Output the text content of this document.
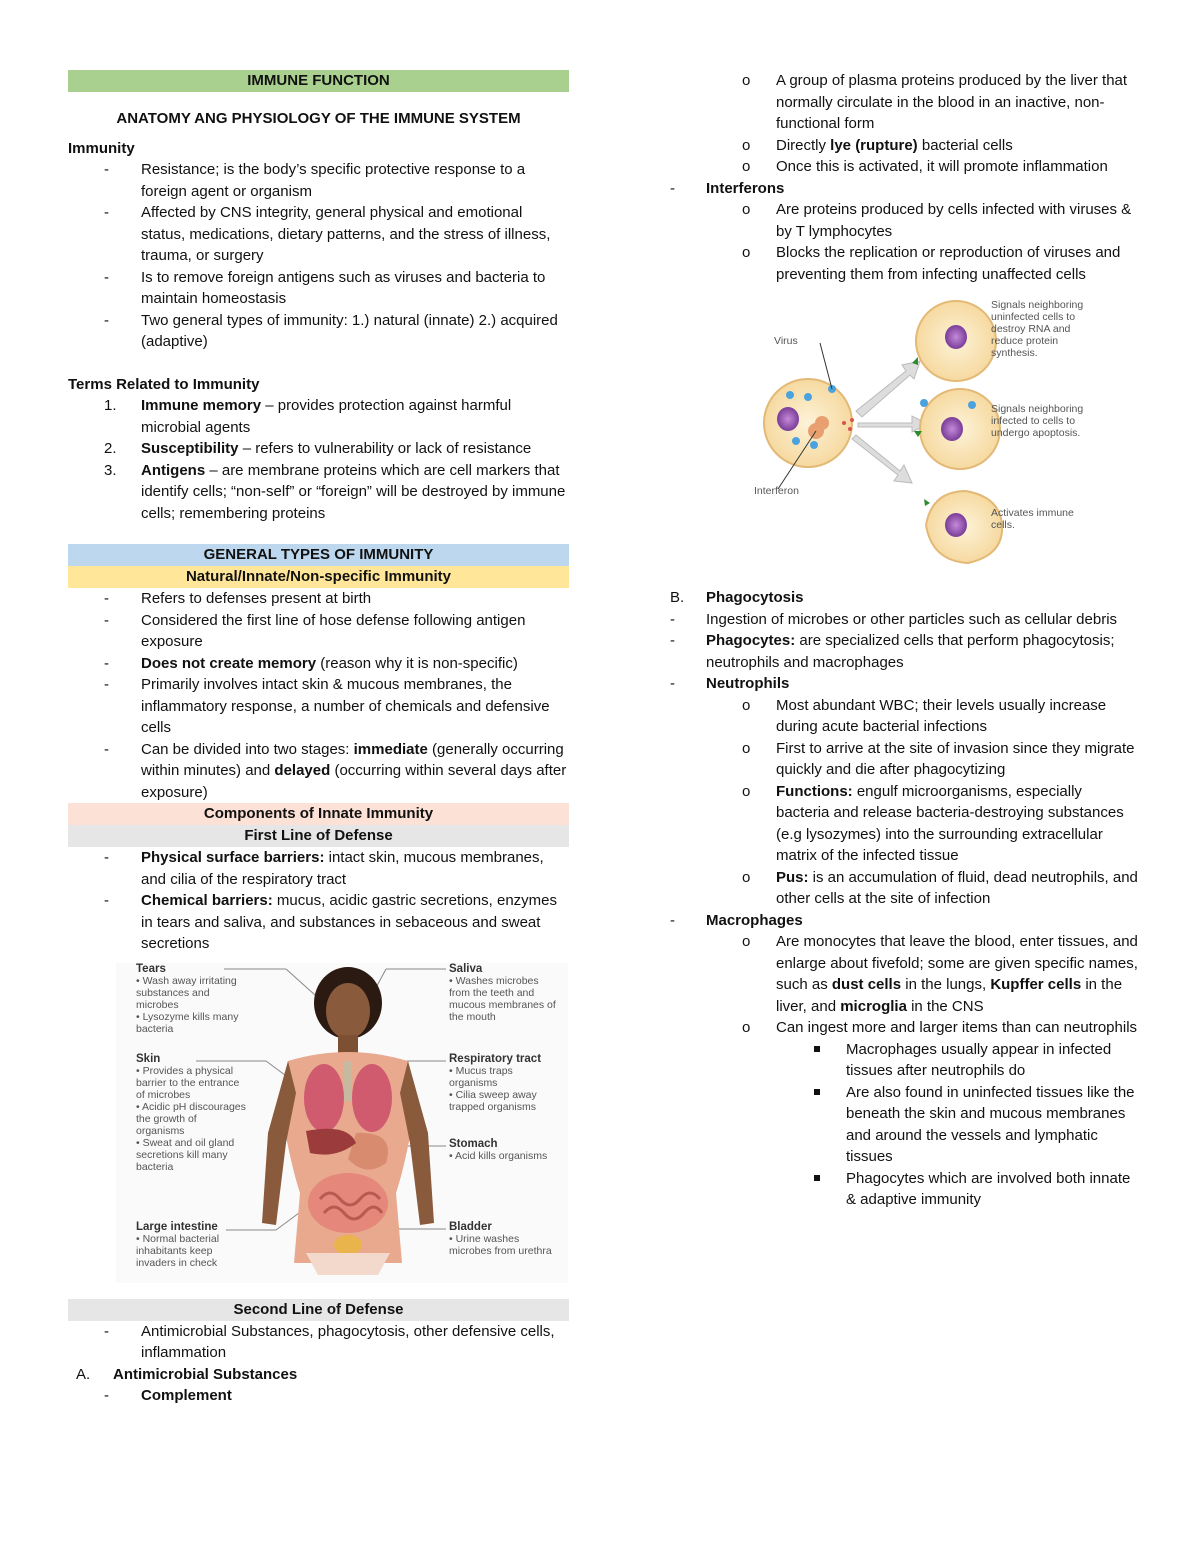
IMMUNE FUNCTION
ANATOMY ANG PHYSIOLOGY OF THE IMMUNE SYSTEM
Immunity
- Resistance; is the body’s specific protective response to a foreign agent or organism
- Affected by CNS integrity, general physical and emotional status, medications, dietary patterns, and the stress of illness, trauma, or surgery
- Is to remove foreign antigens such as viruses and bacteria to maintain homeostasis
- Two general types of immunity: 1.) natural (innate) 2.) acquired (adaptive)
Terms Related to Immunity
1. Immune memory – provides protection against harmful microbial agents
2. Susceptibility – refers to vulnerability or lack of resistance
3. Antigens – are membrane proteins which are cell markers that identify cells; “non-self” or “foreign” will be destroyed by immune cells; remembering proteins
GENERAL TYPES OF IMMUNITY
Natural/Innate/Non-specific Immunity
- Refers to defenses present at birth
- Considered the first line of hose defense following antigen exposure
- Does not create memory (reason why it is non-specific)
- Primarily involves intact skin & mucous membranes, the inflammatory response, a number of chemicals and defensive cells
- Can be divided into two stages: immediate (generally occurring within minutes) and delayed (occurring within several days after exposure)
Components of Innate Immunity
First Line of Defense
- Physical surface barriers: intact skin, mucous membranes, and cilia of the respiratory tract
- Chemical barriers: mucus, acidic gastric secretions, enzymes in tears and saliva, and substances in sebaceous and sweat secretions
Tears
• Wash away irritating substances and microbes
• Lysozyme kills many bacteria
Skin
• Provides a physical barrier to the entrance of microbes
• Acidic pH discourages the growth of organisms
• Sweat and oil gland secretions kill many bacteria
Large intestine
• Normal bacterial inhabitants keep invaders in check
Saliva
• Washes microbes from the teeth and mucous membranes of the mouth
Respiratory tract
• Mucus traps organisms
• Cilia sweep away trapped organisms
Stomach
• Acid kills organisms
Bladder
• Urine washes microbes from urethra
Second Line of Defense
- Antimicrobial Substances, phagocytosis, other defensive cells, inflammation
A. Antimicrobial Substances
- Complement
o A group of plasma proteins produced by the liver that normally circulate in the blood in an inactive, non-functional form
o Directly lye (rupture) bacterial cells
o Once this is activated, it will promote inflammation
- Interferons
o Are proteins produced by cells infected with viruses & by T lymphocytes
o Blocks the replication or reproduction of viruses and preventing them from infecting unaffected cells
Virus
Interferon
Signals neighboring uninfected cells to destroy RNA and reduce protein synthesis.
Signals neighboring infected to cells to undergo apoptosis.
Activates immune cells.
B. Phagocytosis
- Ingestion of microbes or other particles such as cellular debris
- Phagocytes: are specialized cells that perform phagocytosis; neutrophils and macrophages
- Neutrophils
o Most abundant WBC; their levels usually increase during acute bacterial infections
o First to arrive at the site of invasion since they migrate quickly and die after phagocytizing
o Functions: engulf microorganisms, especially bacteria and release bacteria-destroying substances (e.g lysozymes) into the surrounding extracellular matrix of the infected tissue
o Pus: is an accumulation of fluid, dead neutrophils, and other cells at the site of infection
- Macrophages
o Are monocytes that leave the blood, enter tissues, and enlarge about fivefold; some are given specific names, such as dust cells in the lungs, Kupffer cells in the liver, and microglia in the CNS
o Can ingest more and larger items than can neutrophils
Macrophages usually appear in infected tissues after neutrophils do
Are also found in uninfected tissues like the beneath the skin and mucous membranes and around the vessels and lymphatic tissues
Phagocytes which are involved both innate & adaptive immunity
